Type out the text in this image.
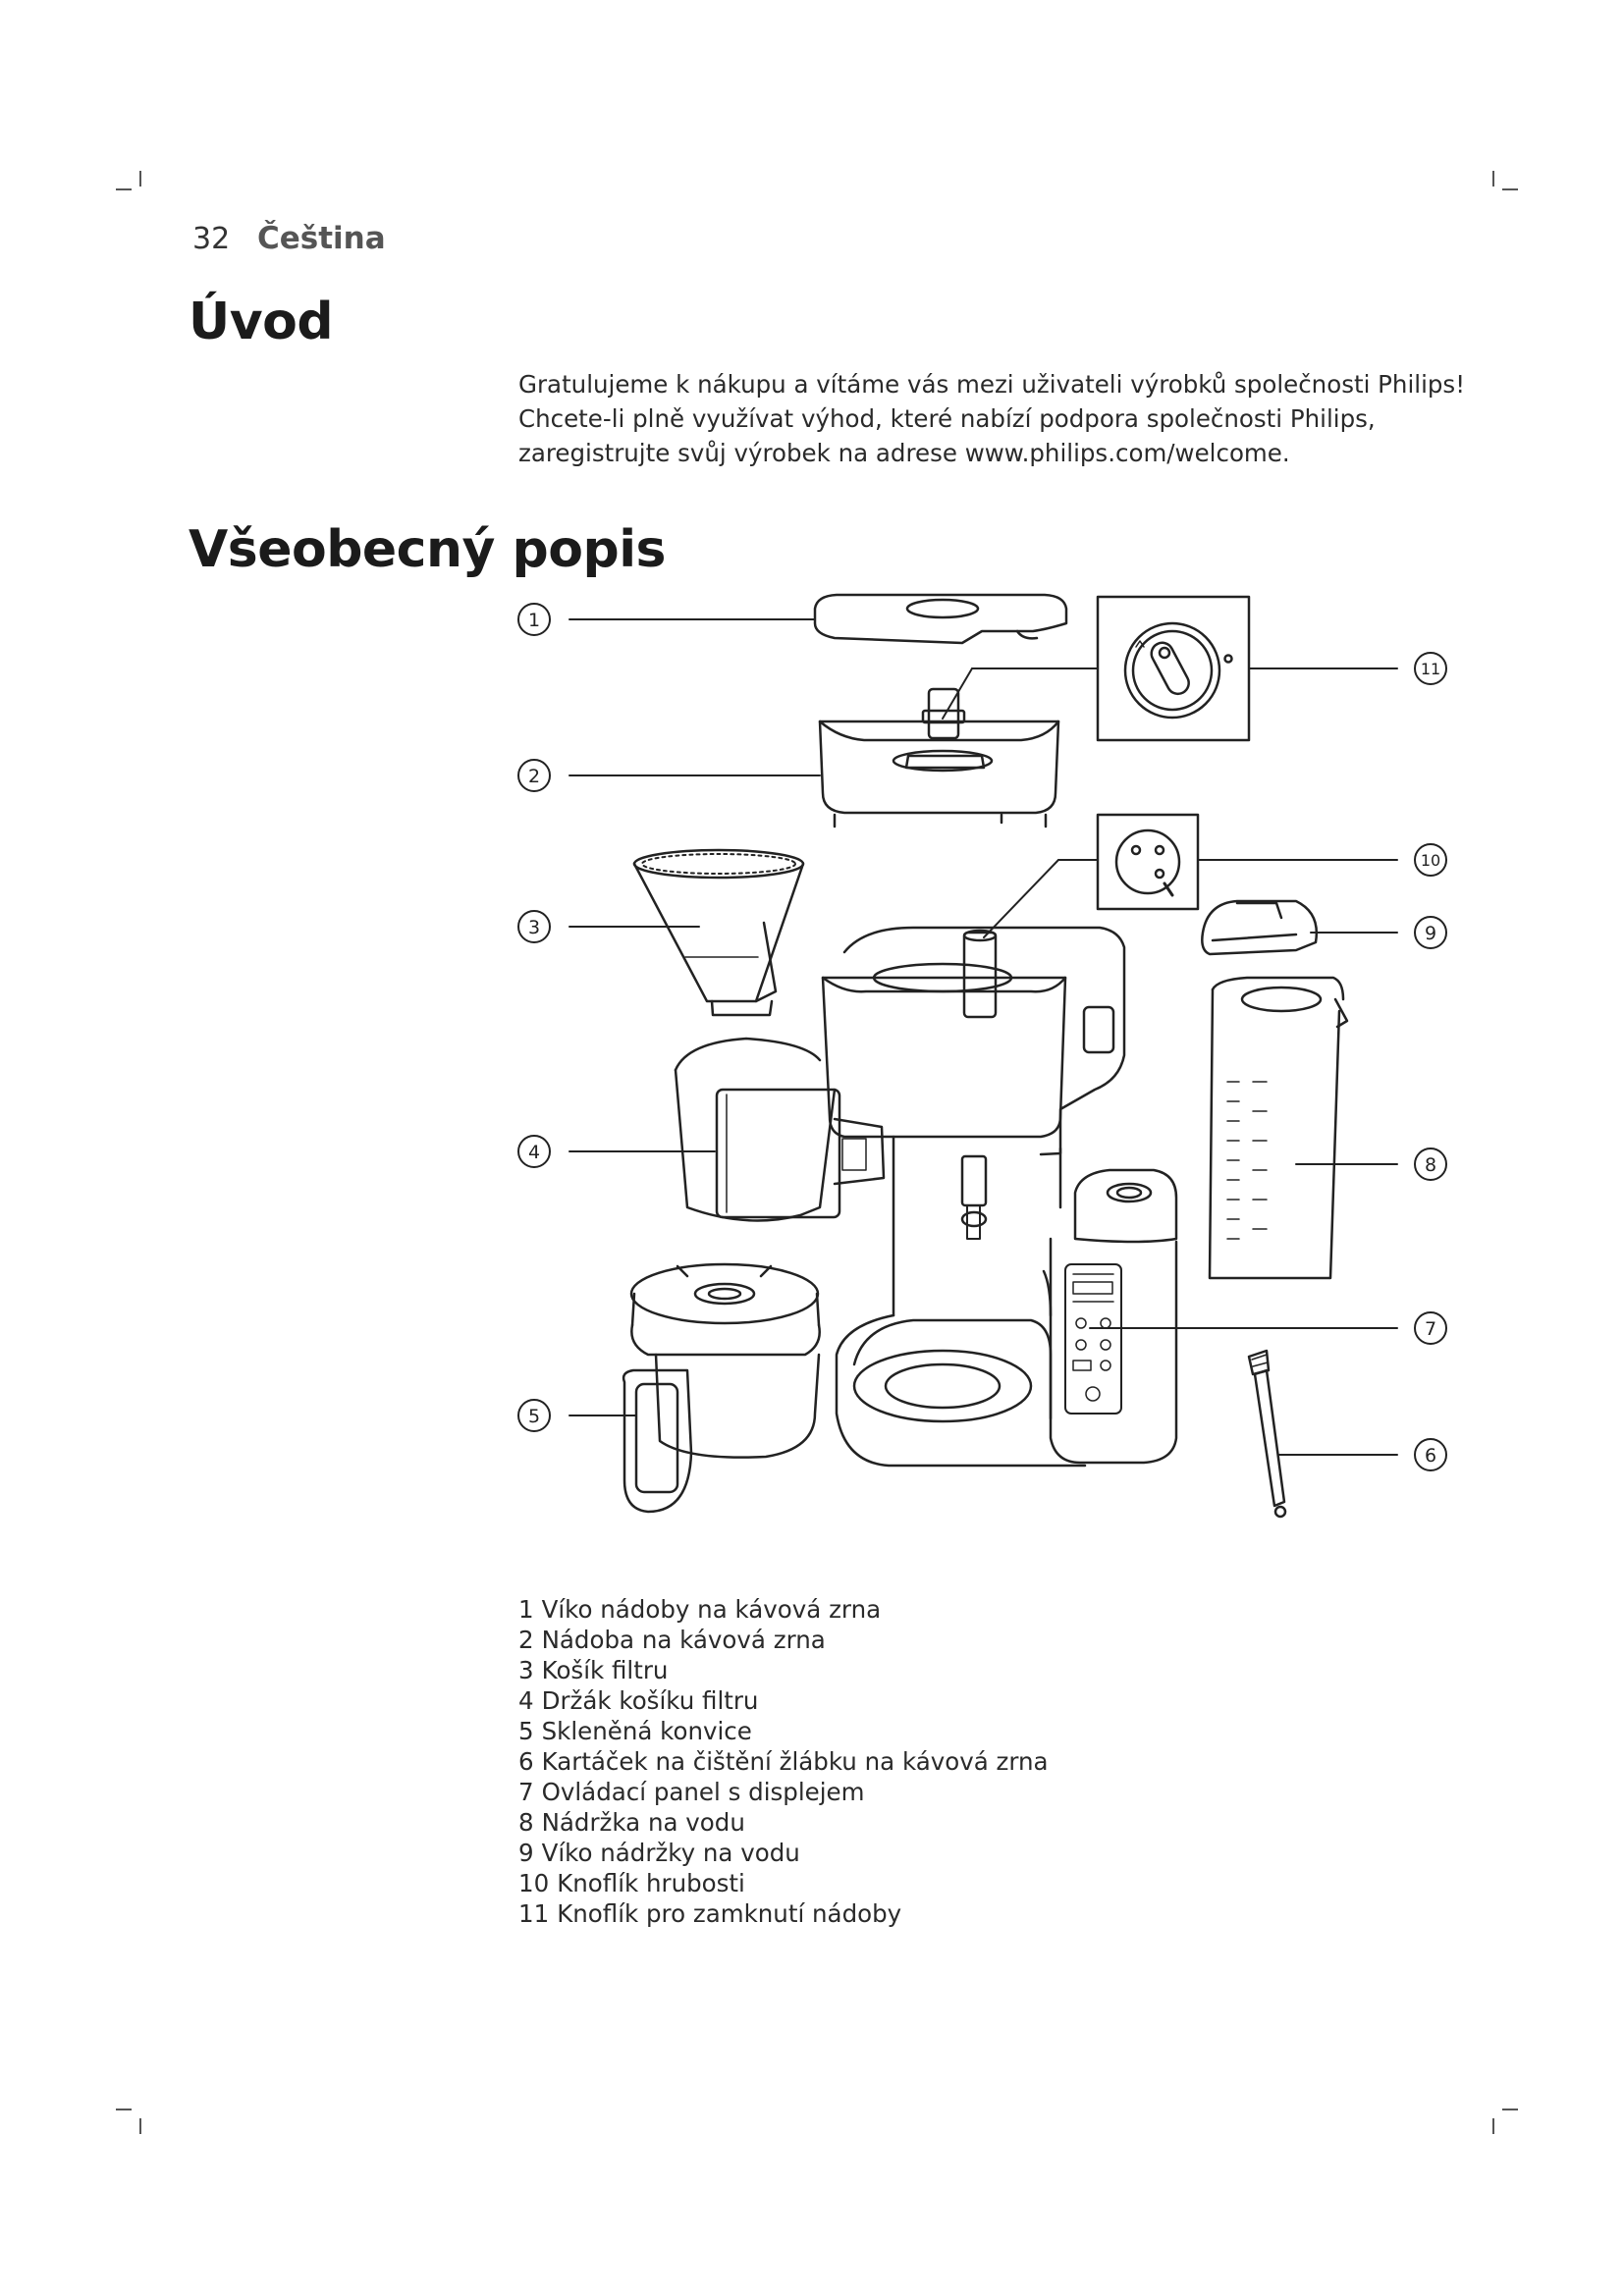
32 Čeština
Úvod

Gratulujeme k nákupu a vítáme vás mezi uživateli výrobků společnosti Philips!

Chcete-li plně využívat výhod, které nabízí podpora společnosti Philips,

zaregistrujte svůj výrobek na adrese www.philips.com/welcome.

Všeobecný popis
1
2
3
4
5
6
7
8
9
10
11
1 Víko nádoby na kávová zrna
2 Nádoba na kávová zrna
3 Košík filtru
4 Držák košíku filtru
5 Skleněná konvice
6 Kartáček na čištění žlábku na kávová zrna
7 Ovládací panel s displejem
8 Nádržka na vodu
9 Víko nádržky na vodu
10 Knoflík hrubosti
11 Knoflík pro zamknutí nádoby
